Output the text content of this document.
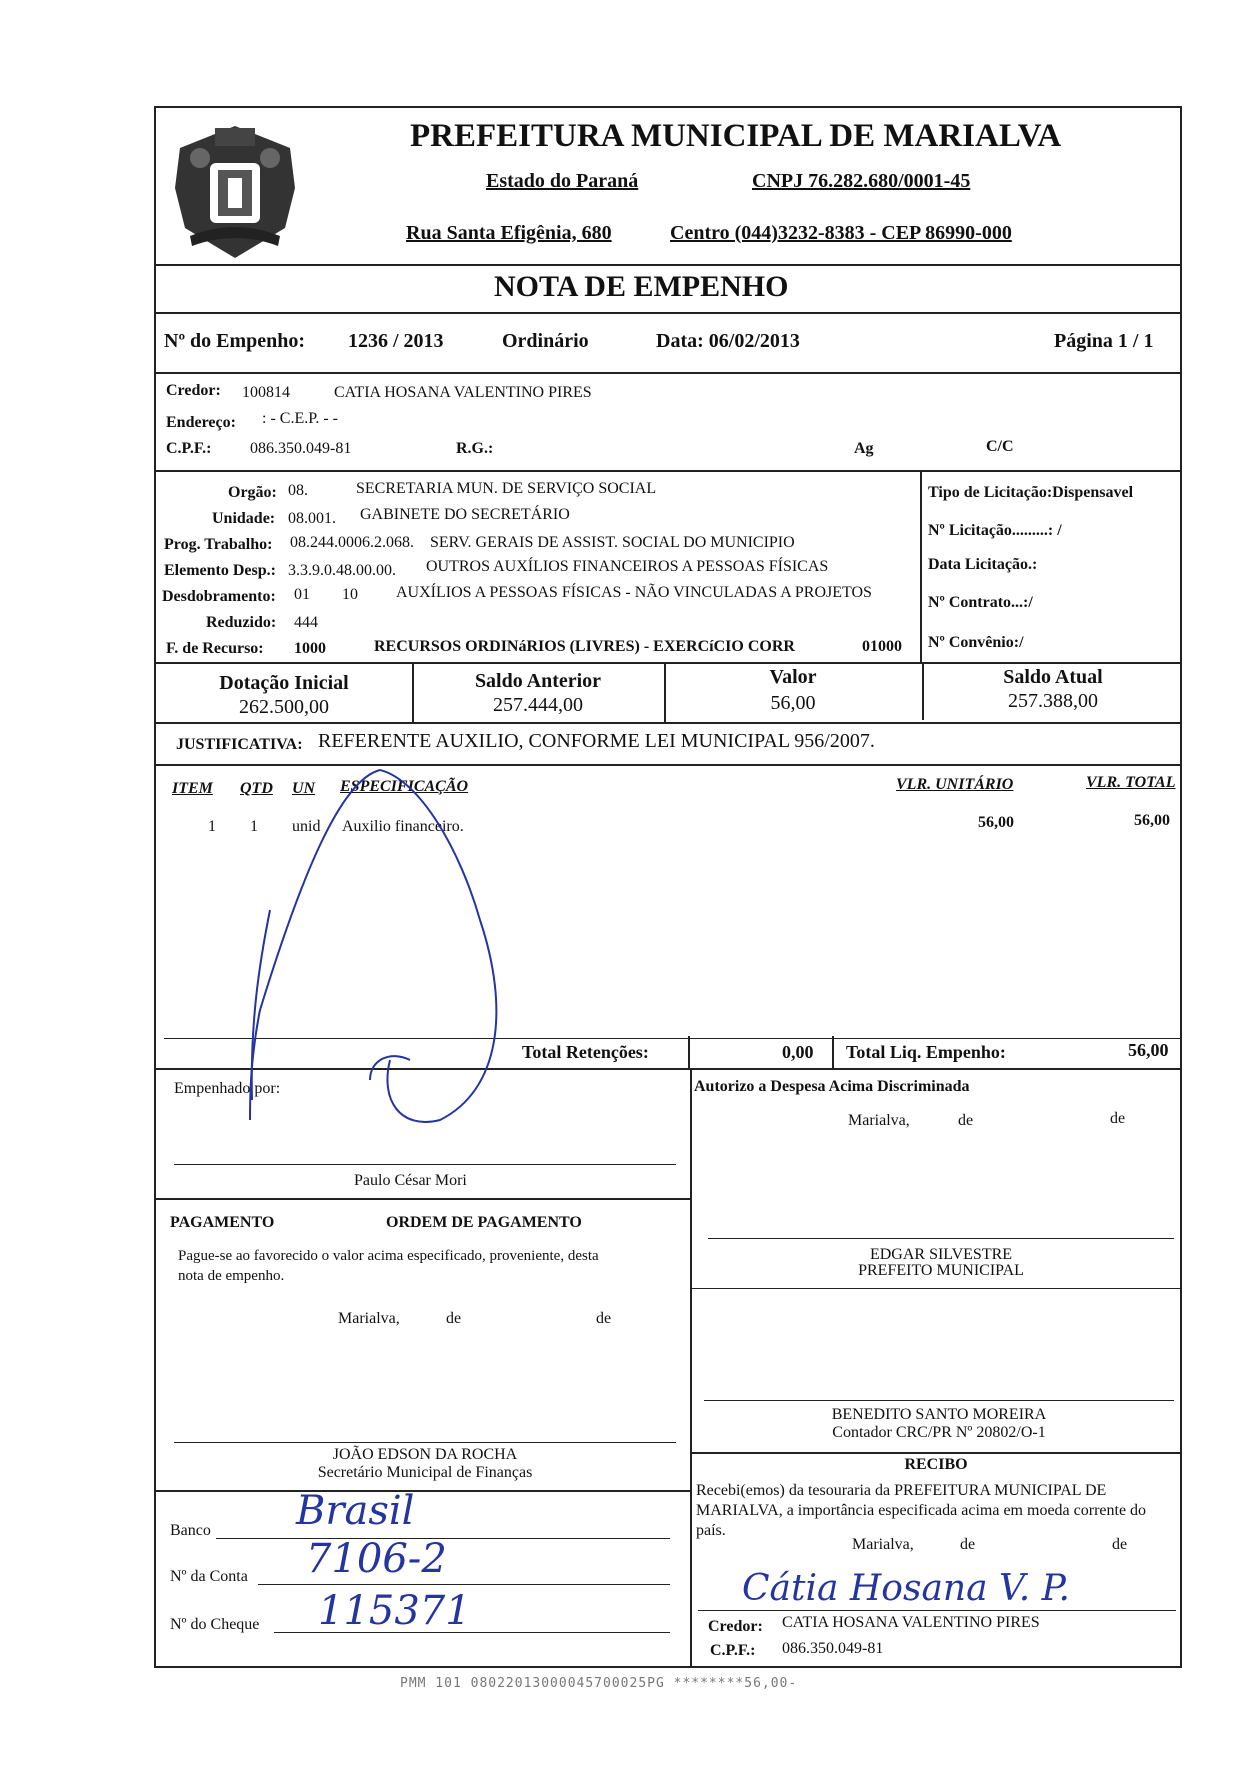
PREFEITURA MUNICIPAL DE MARIALVA
Estado do Paraná	CNPJ 76.282.680/0001-45
Rua Santa Efigênia, 680	Centro (044)3232-8383 - CEP 86990-000
NOTA DE EMPENHO
Nº do Empenho: 1236 / 2013	Ordinário	Data: 06/02/2013	Página 1 / 1
Credor: 100814	CATIA HOSANA VALENTINO PIRES
Endereço: : - C.E.P. - -
C.P.F.: 086.350.049-81	R.G.:	Ag	C/C
Orgão: 08.	SECRETARIA MUN. DE SERVIÇO SOCIAL
Unidade: 08.001. GABINETE DO SECRETÁRIO
Prog. Trabalho: 08.244.0006.2.068. SERV. GERAIS DE ASSIST. SOCIAL DO MUNICIPIO
Elemento Desp.: 3.3.9.0.48.00.00. OUTROS AUXÍLIOS FINANCEIROS A PESSOAS FÍSICAS
Desdobramento: 01 10 AUXÍLIOS A PESSOAS FÍSICAS - NÃO VINCULADAS A PROJETOS
Reduzido: 444
F. de Recurso: 1000	RECURSOS ORDINáRIOS (LIVRES) - EXERCíCIO CORR	01000
Tipo de Licitação:Dispensavel
Nº Licitação.........: /
Data Licitação.:
Nº Contrato...:/
Nº Convênio:/
Dotação Inicial
262.500,00
Saldo Anterior
257.444,00
Valor
56,00
Saldo Atual
257.388,00
JUSTIFICATIVA: REFERENTE AUXILIO, CONFORME LEI MUNICIPAL 956/2007.
ITEM QTD UN ESPECIFICAÇÃO	VLR. UNITÁRIO	VLR. TOTAL
1 1 unid Auxilio financeiro.	56,00	56,00
Total Retenções:	0,00 Total Liq. Empenho:	56,00
Empenhado por:
Paulo César Mori
Autorizo a Despesa Acima Discriminada
Marialva,	de	de
EDGAR SILVESTRE
PREFEITO MUNICIPAL
PAGAMENTO	ORDEM DE PAGAMENTO
Pague-se ao favorecido o valor acima especificado, proveniente, desta
nota de empenho.
Marialva,	de	de
BENEDITO SANTO MOREIRA
Contador CRC/PR Nº 20802/O-1
JOÃO EDSON DA ROCHA
Secretário Municipal de Finanças	RECIBO
Recebi(emos) da tesouraria da PREFEITURA MUNICIPAL DE
MARIALVA, a importância especificada acima em moeda corrente do
país.
Marialva,	de	de
Cátia Hosana V. P.
Credor: CATIA HOSANA VALENTINO PIRES
C.P.F.: 086.350.049-81
Banco Brasil
Nº da Conta 7106-2
Nº do Cheque 115371
PMM 101 08022013000045700025PG ********56,00-
